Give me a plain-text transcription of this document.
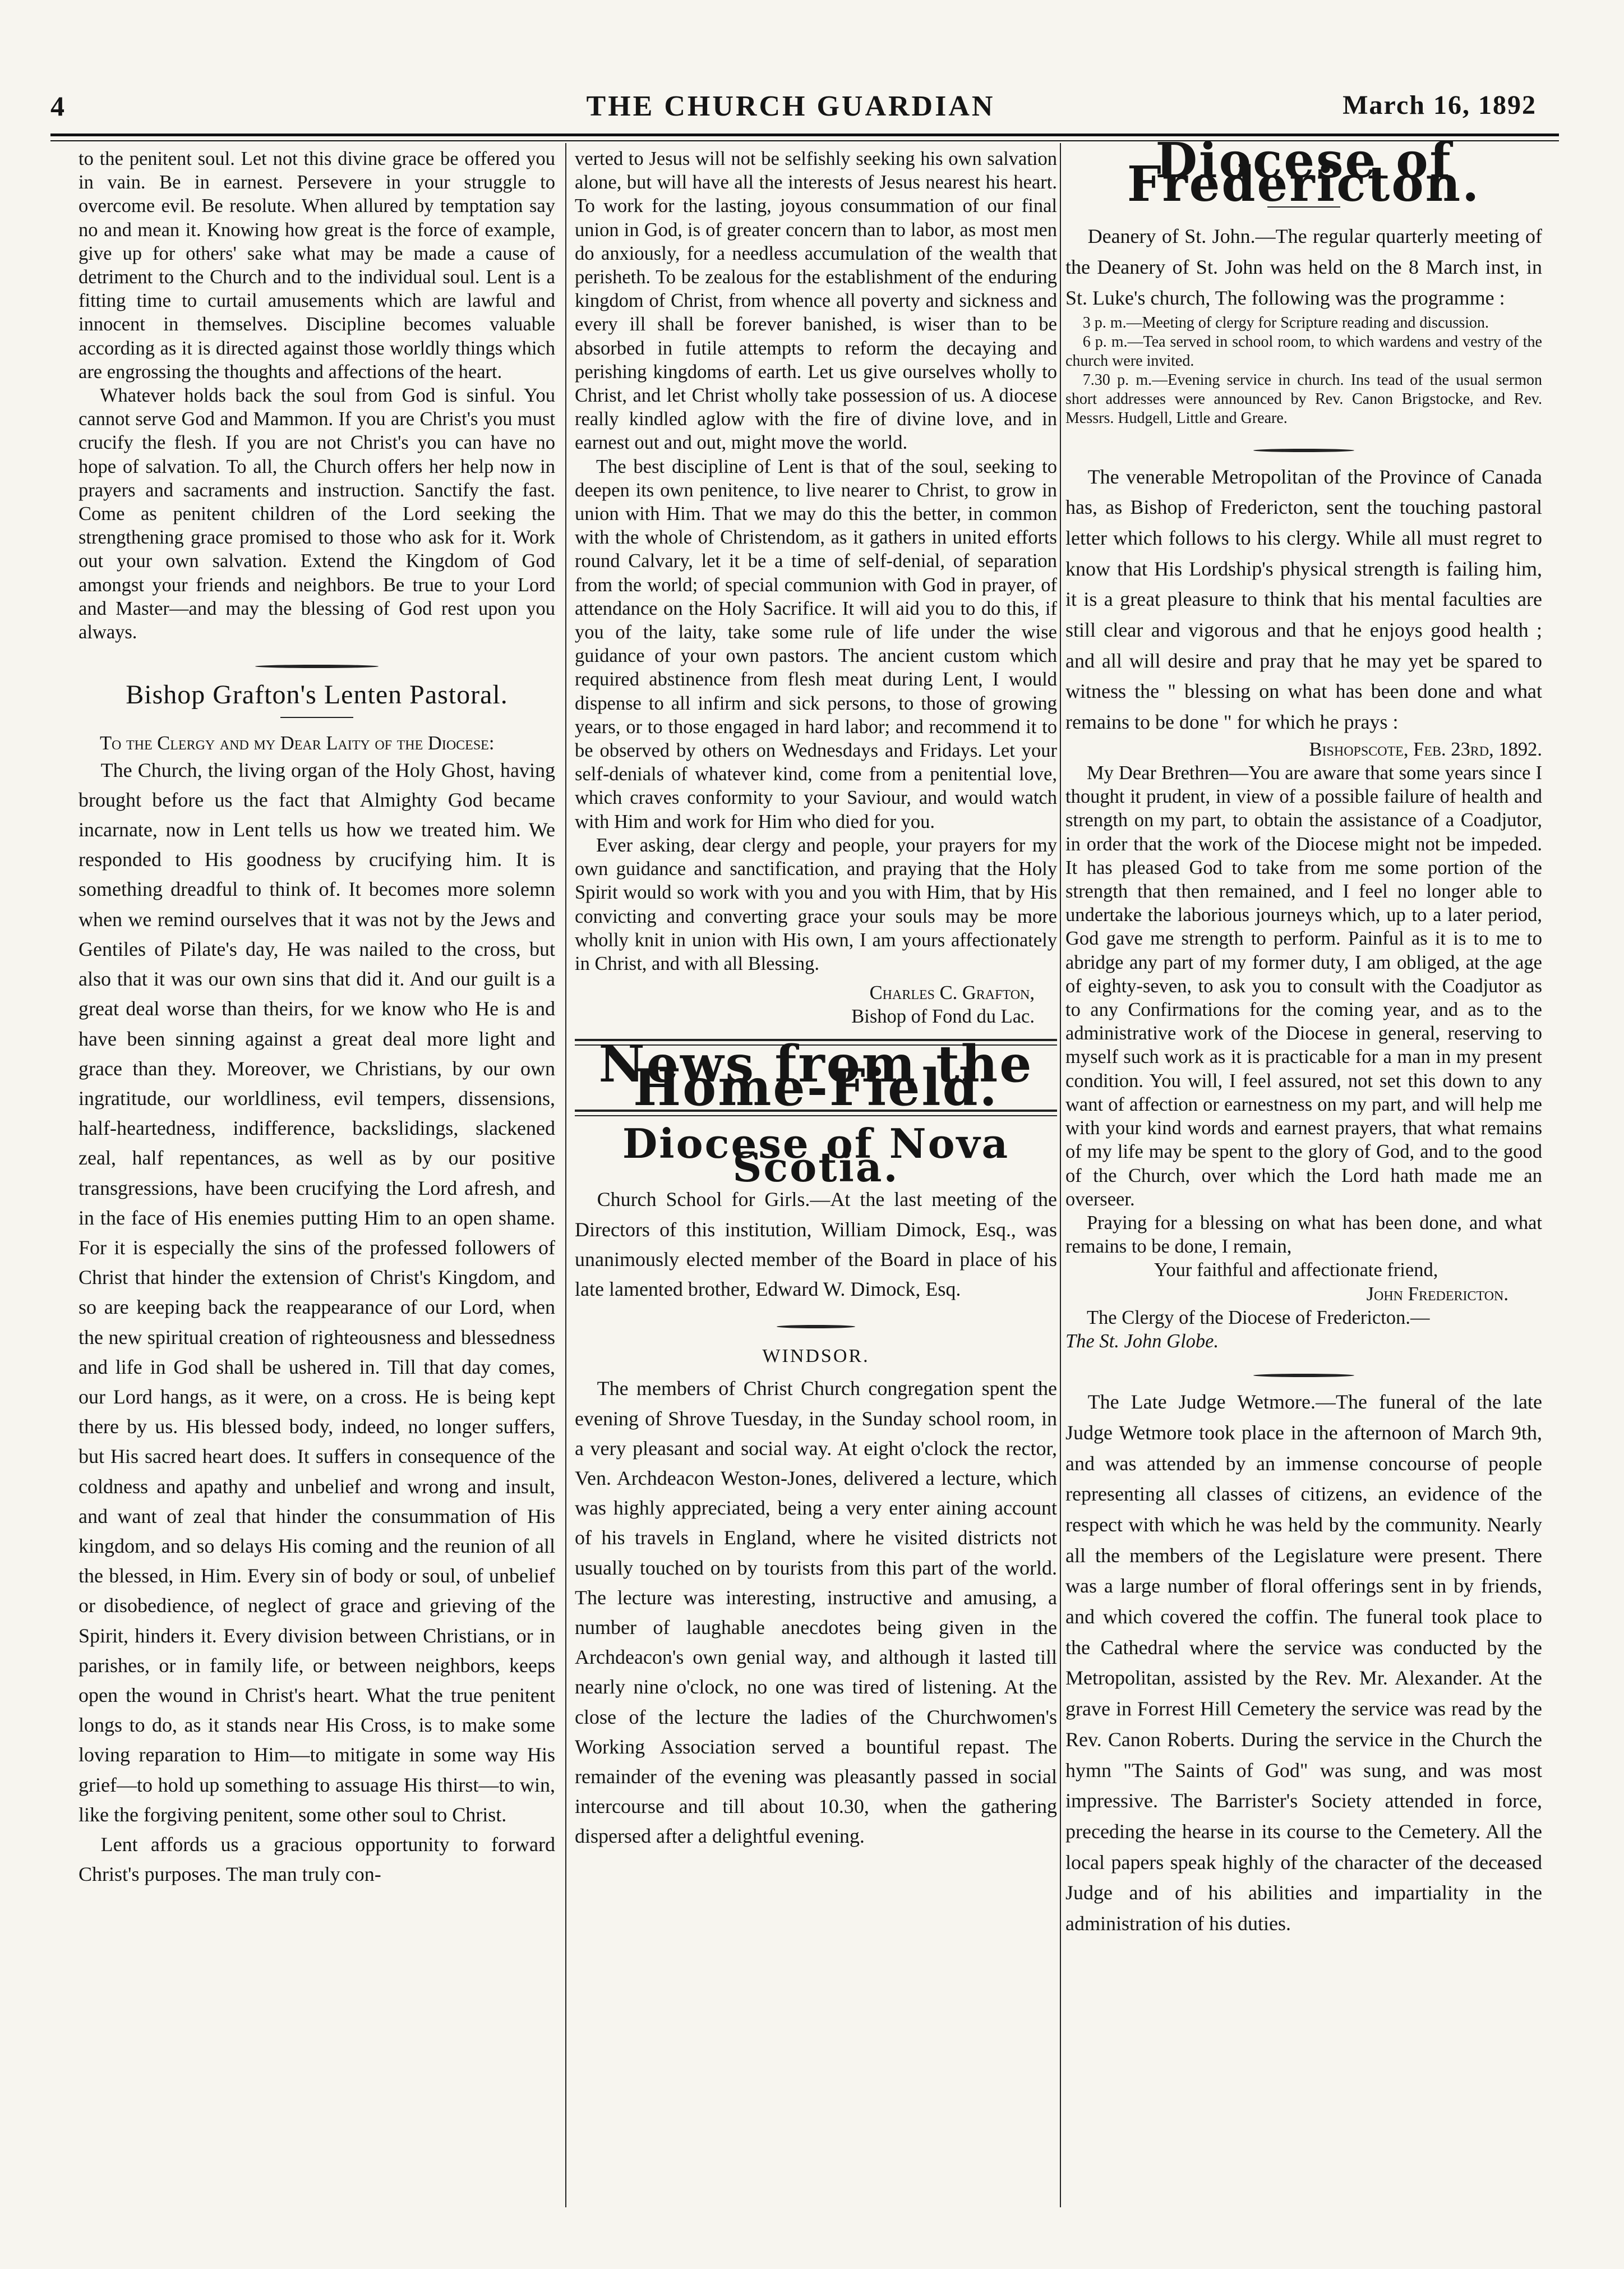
4	THE CHURCH GUARDIAN	March 16, 1892

to the penitent soul. Let not this divine grace be offered you in vain. Be in earnest. Persevere in your struggle to overcome evil. Be resolute. When allured by temptation say no and mean it. Knowing how great is the force of example, give up for others' sake what may be made a cause of detriment to the Church and to the individual soul. Lent is a fitting time to curtail amusements which are lawful and innocent in themselves. Discipline becomes valuable according as it is directed against those worldly things which are engrossing the thoughts and affections of the heart.

Whatever holds back the soul from God is sinful. You cannot serve God and Mammon. If you are Christ's you must crucify the flesh. If you are not Christ's you can have no hope of salvation. To all, the Church offers her help now in prayers and sacraments and instruction. Sanctify the fast. Come as penitent children of the Lord seeking the strengthening grace promised to those who ask for it. Work out your own salvation. Extend the Kingdom of God amongst your friends and neighbors. Be true to your Lord and Master—and may the blessing of God rest upon you always.

Bishop Grafton's Lenten Pastoral.

To the Clergy and my Dear Laity of the Diocese:

The Church, the living organ of the Holy Ghost, having brought before us the fact that Almighty God became incarnate, now in Lent tells us how we treated him. We responded to His goodness by crucifying him. It is something dreadful to think of. It becomes more solemn when we remind ourselves that it was not by the Jews and Gentiles of Pilate's day, He was nailed to the cross, but also that it was our own sins that did it. And our guilt is a great deal worse than theirs, for we know who He is and have been sinning against a great deal more light and grace than they. Moreover, we Christians, by our own ingratitude, our worldliness, evil tempers, dissensions, half-heartedness, indifference, backslidings, slackened zeal, half repentances, as well as by our positive transgressions, have been crucifying the Lord afresh, and in the face of His enemies putting Him to an open shame. For it is especially the sins of the professed followers of Christ that hinder the extension of Christ's Kingdom, and so are keeping back the reappearance of our Lord, when the new spiritual creation of righteousness and blessedness and life in God shall be ushered in. Till that day comes, our Lord hangs, as it were, on a cross. He is being kept there by us. His blessed body, indeed, no longer suffers, but His sacred heart does. It suffers in consequence of the coldness and apathy and unbelief and wrong and insult, and want of zeal that hinder the consummation of His kingdom, and so delays His coming and the reunion of all the blessed, in Him. Every sin of body or soul, of unbelief or disobedience, of neglect of grace and grieving of the Spirit, hinders it. Every division between Christians, or in parishes, or in family life, or between neighbors, keeps open the wound in Christ's heart. What the true penitent longs to do, as it stands near His Cross, is to make some loving reparation to Him—to mitigate in some way His grief—to hold up something to assuage His thirst—to win, like the forgiving penitent, some other soul to Christ.

Lent affords us a gracious opportunity to forward Christ's purposes. The man truly con-

verted to Jesus will not be selfishly seeking his own salvation alone, but will have all the interests of Jesus nearest his heart. To work for the lasting, joyous consummation of our final union in God, is of greater concern than to labor, as most men do anxiously, for a needless accumulation of the wealth that perisheth. To be zealous for the establishment of the enduring kingdom of Christ, from whence all poverty and sickness and every ill shall be forever banished, is wiser than to be absorbed in futile attempts to reform the decaying and perishing kingdoms of earth. Let us give ourselves wholly to Christ, and let Christ wholly take possession of us. A diocese really kindled aglow with the fire of divine love, and in earnest out and out, might move the world.

The best discipline of Lent is that of the soul, seeking to deepen its own penitence, to live nearer to Christ, to grow in union with Him. That we may do this the better, in common with the whole of Christendom, as it gathers in united efforts round Calvary, let it be a time of self-denial, of separation from the world; of special communion with God in prayer, of attendance on the Holy Sacrifice. It will aid you to do this, if you of the laity, take some rule of life under the wise guidance of your own pastors. The ancient custom which required abstinence from flesh meat during Lent, I would dispense to all infirm and sick persons, to those of growing years, or to those engaged in hard labor; and recommend it to be observed by others on Wednesdays and Fridays. Let your self-denials of whatever kind, come from a penitential love, which craves conformity to your Saviour, and would watch with Him and work for Him who died for you.

Ever asking, dear clergy and people, your prayers for my own guidance and sanctification, and praying that the Holy Spirit would so work with you and you with Him, that by His convicting and converting grace your souls may be more wholly knit in union with His own, I am yours affectionately in Christ, and with all Blessing.

Charles C. Grafton,

Bishop of Fond du Lac.

News from the Home-Field.
Diocese of Nova Scotia.

Church School for Girls.—At the last meeting of the Directors of this institution, William Dimock, Esq., was unanimously elected member of the Board in place of his late lamented brother, Edward W. Dimock, Esq.

WINDSOR.

The members of Christ Church congregation spent the evening of Shrove Tuesday, in the Sunday school room, in a very pleasant and social way. At eight o'clock the rector, Ven. Archdeacon Weston-Jones, delivered a lecture, which was highly appreciated, being a very enter aining account of his travels in England, where he visited districts not usually touched on by tourists from this part of the world. The lecture was interesting, instructive and amusing, a number of laughable anecdotes being given in the Archdeacon's own genial way, and although it lasted till nearly nine o'clock, no one was tired of listening. At the close of the lecture the ladies of the Churchwomen's Working Association served a bountiful repast. The remainder of the evening was pleasantly passed in social intercourse and till about 10.30, when the gathering dispersed after a delightful evening.

Diocese of Fredericton.

Deanery of St. John.—The regular quarterly meeting of the Deanery of St. John was held on the 8 March inst, in St. Luke's church, The following was the programme :

3 p. m.—Meeting of clergy for Scripture reading and discussion.

6 p. m.—Tea served in school room, to which wardens and vestry of the church were invited.

7.30 p. m.—Evening service in church. Ins tead of the usual sermon short addresses were announced by Rev. Canon Brigstocke, and Rev. Messrs. Hudgell, Little and Greare.

The venerable Metropolitan of the Province of Canada has, as Bishop of Fredericton, sent the touching pastoral letter which follows to his clergy. While all must regret to know that His Lordship's physical strength is failing him, it is a great pleasure to think that his mental faculties are still clear and vigorous and that he enjoys good health ; and all will desire and pray that he may yet be spared to witness the " blessing on what has been done and what remains to be done " for which he prays :

Bishopscote, Feb. 23rd, 1892.

My Dear Brethren—You are aware that some years since I thought it prudent, in view of a possible failure of health and strength on my part, to obtain the assistance of a Coadjutor, in order that the work of the Diocese might not be impeded. It has pleased God to take from me some portion of the strength that then remained, and I feel no longer able to undertake the laborious journeys which, up to a later period, God gave me strength to perform. Painful as it is to me to abridge any part of my former duty, I am obliged, at the age of eighty-seven, to ask you to consult with the Coadjutor as to any Confirmations for the coming year, and as to the administrative work of the Diocese in general, reserving to myself such work as it is practicable for a man in my present condition. You will, I feel assured, not set this down to any want of affection or earnestness on my part, and will help me with your kind words and earnest prayers, that what remains of my life may be spent to the glory of God, and to the good of the Church, over which the Lord hath made me an overseer.

Praying for a blessing on what has been done, and what remains to be done, I remain,

Your faithful and affectionate friend,

John Fredericton.

The Clergy of the Diocese of Fredericton.—

The St. John Globe.

The Late Judge Wetmore.—The funeral of the late Judge Wetmore took place in the afternoon of March 9th, and was attended by an immense concourse of people representing all classes of citizens, an evidence of the respect with which he was held by the community. Nearly all the members of the Legislature were present. There was a large number of floral offerings sent in by friends, and which covered the coffin. The funeral took place to the Cathedral where the service was conducted by the Metropolitan, assisted by the Rev. Mr. Alexander. At the grave in Forrest Hill Cemetery the service was read by the Rev. Canon Roberts. During the service in the Church the hymn "The Saints of God" was sung, and was most impressive. The Barrister's Society attended in force, preceding the hearse in its course to the Cemetery. All the local papers speak highly of the character of the deceased Judge and of his abilities and impartiality in the administration of his duties.
